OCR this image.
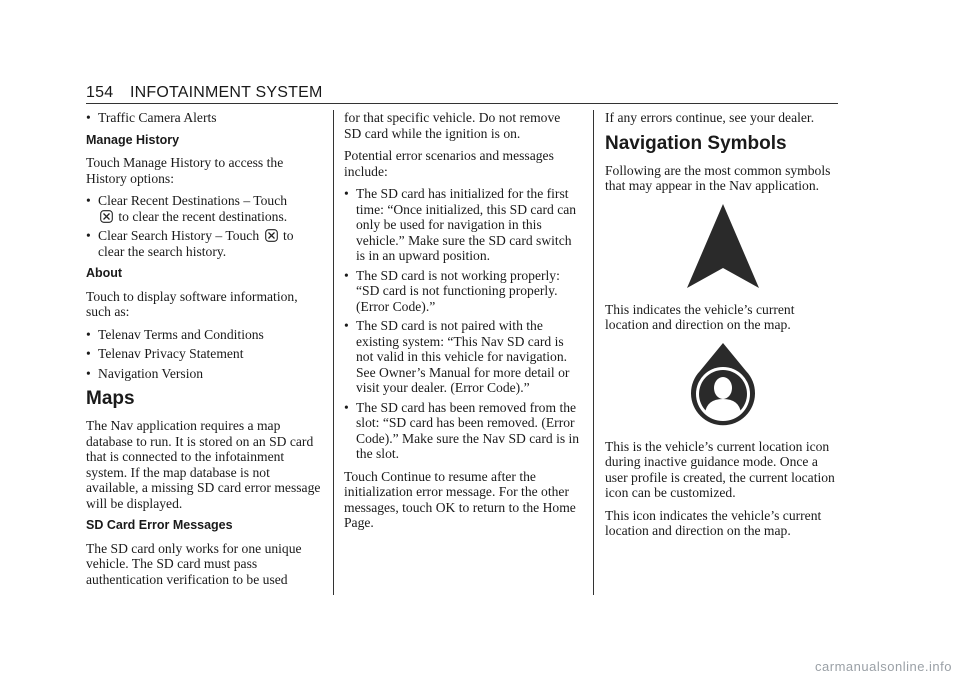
154 INFOTAINMENT SYSTEM
• Traffic Camera Alerts
Manage History

Touch Manage History to access the History options:

• Clear Recent Destinations – Touch

to clear the recent destinations.
• Clear Search History – Touch to clear the search history.
About

Touch to display software information, such as:

• Telenav Terms and Conditions
• Telenav Privacy Statement
• Navigation Version
Maps

The Nav application requires a map database to run. It is stored on an SD card that is connected to the infotainment system. If the map database is not available, a missing SD card error message will be displayed.

SD Card Error Messages

The SD card only works for one unique vehicle. The SD card must pass authentication verification to be used

for that specific vehicle. Do not remove SD card while the ignition is on.

Potential error scenarios and messages include:

• The SD card has initialized for the first time: “Once initialized, this SD card can only be used for navigation in this vehicle.” Make sure the SD card switch is in an upward position.
• The SD card is not working properly: “SD card is not functioning properly. (Error Code).”
• The SD card is not paired with the existing system: “This Nav SD card is not valid in this vehicle for navigation. See Owner’s Manual for more detail or visit your dealer. (Error Code).”
• The SD card has been removed from the slot: “SD card has been removed. (Error Code).” Make sure the Nav SD card is in the slot.

Touch Continue to resume after the initialization error message. For the other messages, touch OK to return to the Home Page.

If any errors continue, see your dealer.

Navigation Symbols

Following are the most common symbols that may appear in the Nav application.

This indicates the vehicle’s current location and direction on the map.

This is the vehicle’s current location icon during inactive guidance mode. Once a user profile is created, the current location icon can be customized.

This icon indicates the vehicle’s current location and direction on the map.

carmanualsonline.info
